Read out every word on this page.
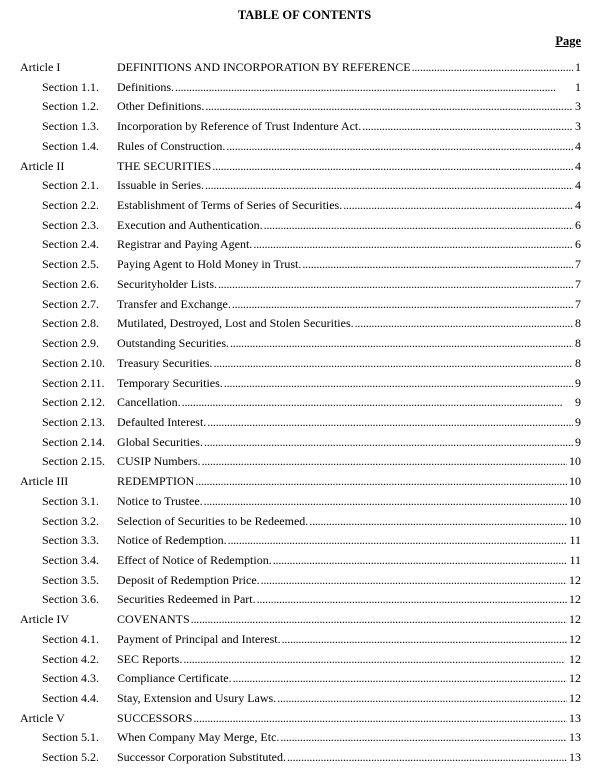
TABLE OF CONTENTS
Page
Article I	DEFINITIONS AND INCORPORATION BY REFERENCE . . .	1
Section 1.1. Definitions. . . .	1
Section 1.2. Other Definitions. . . .	3
Section 1.3. Incorporation by Reference of Trust Indenture Act. . . .	3
Section 1.4. Rules of Construction. . . .	4
Article II	THE SECURITIES . . .	4
Section 2.1. Issuable in Series. . . .	4
Section 2.2. Establishment of Terms of Series of Securities. . . .	4
Section 2.3. Execution and Authentication. . . .	6
Section 2.4. Registrar and Paying Agent. . . .	6
Section 2.5. Paying Agent to Hold Money in Trust. . . .	7
Section 2.6. Securityholder Lists. . . .	7
Section 2.7. Transfer and Exchange. . . .	7
Section 2.8. Mutilated, Destroyed, Lost and Stolen Securities. . . .	8
Section 2.9. Outstanding Securities. . . .	8
Section 2.10. Treasury Securities. . . .	8
Section 2.11. Temporary Securities. . . .	9
Section 2.12. Cancellation. . . .	9
Section 2.13. Defaulted Interest. . . .	9
Section 2.14. Global Securities. . . .	9
Section 2.15. CUSIP Numbers. . . .	10
Article III	REDEMPTION . . .	10
Section 3.1. Notice to Trustee. . . .	10
Section 3.2. Selection of Securities to be Redeemed. . . .	10
Section 3.3. Notice of Redemption. . . .	11
Section 3.4. Effect of Notice of Redemption. . . .	11
Section 3.5. Deposit of Redemption Price. . . .	12
Section 3.6. Securities Redeemed in Part. . . .	12
Article IV	COVENANTS . . .	12
Section 4.1. Payment of Principal and Interest. . . .	12
Section 4.2. SEC Reports. . . .	12
Section 4.3. Compliance Certificate. . . .	12
Section 4.4. Stay, Extension and Usury Laws. . . .	12
Article V	SUCCESSORS . . .	13
Section 5.1. When Company May Merge, Etc. . . .	13
Section 5.2. Successor Corporation Substituted. . . .	13
